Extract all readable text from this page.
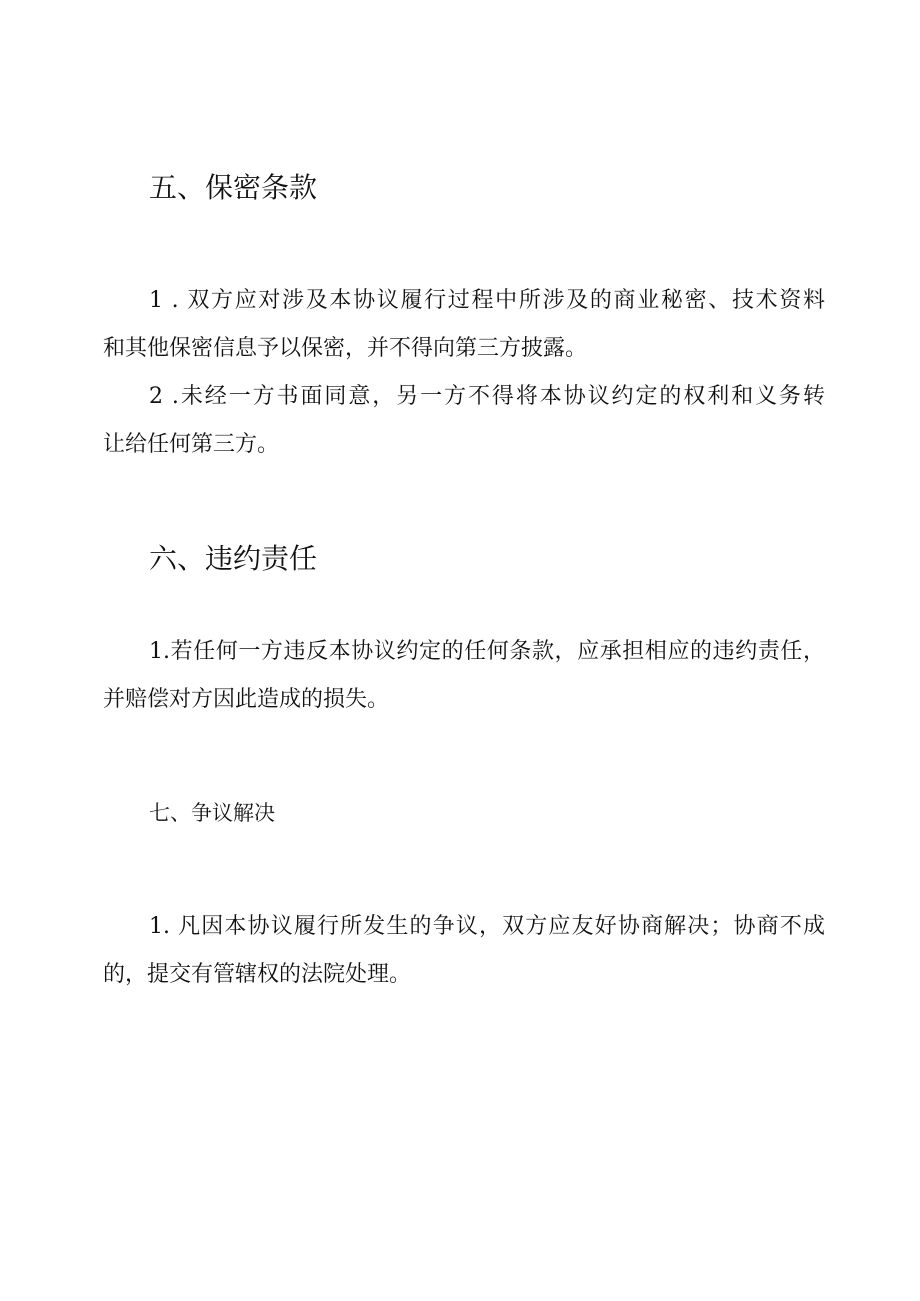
五、保密条款

1 . 双方应对涉及本协议履行过程中所涉及的商业秘密、技术资料
和其他保密信息予以保密，并不得向第三方披露。

2 .未经一方书面同意，另一方不得将本协议约定的权利和义务转
让给任何第三方。

六、违约责任

1.若任何一方违反本协议约定的任何条款，应承担相应的违约责任，
并赔偿对方因此造成的损失。

七、争议解决

1. 凡因本协议履行所发生的争议，双方应友好协商解决；协商不成
的，提交有管辖权的法院处理。
